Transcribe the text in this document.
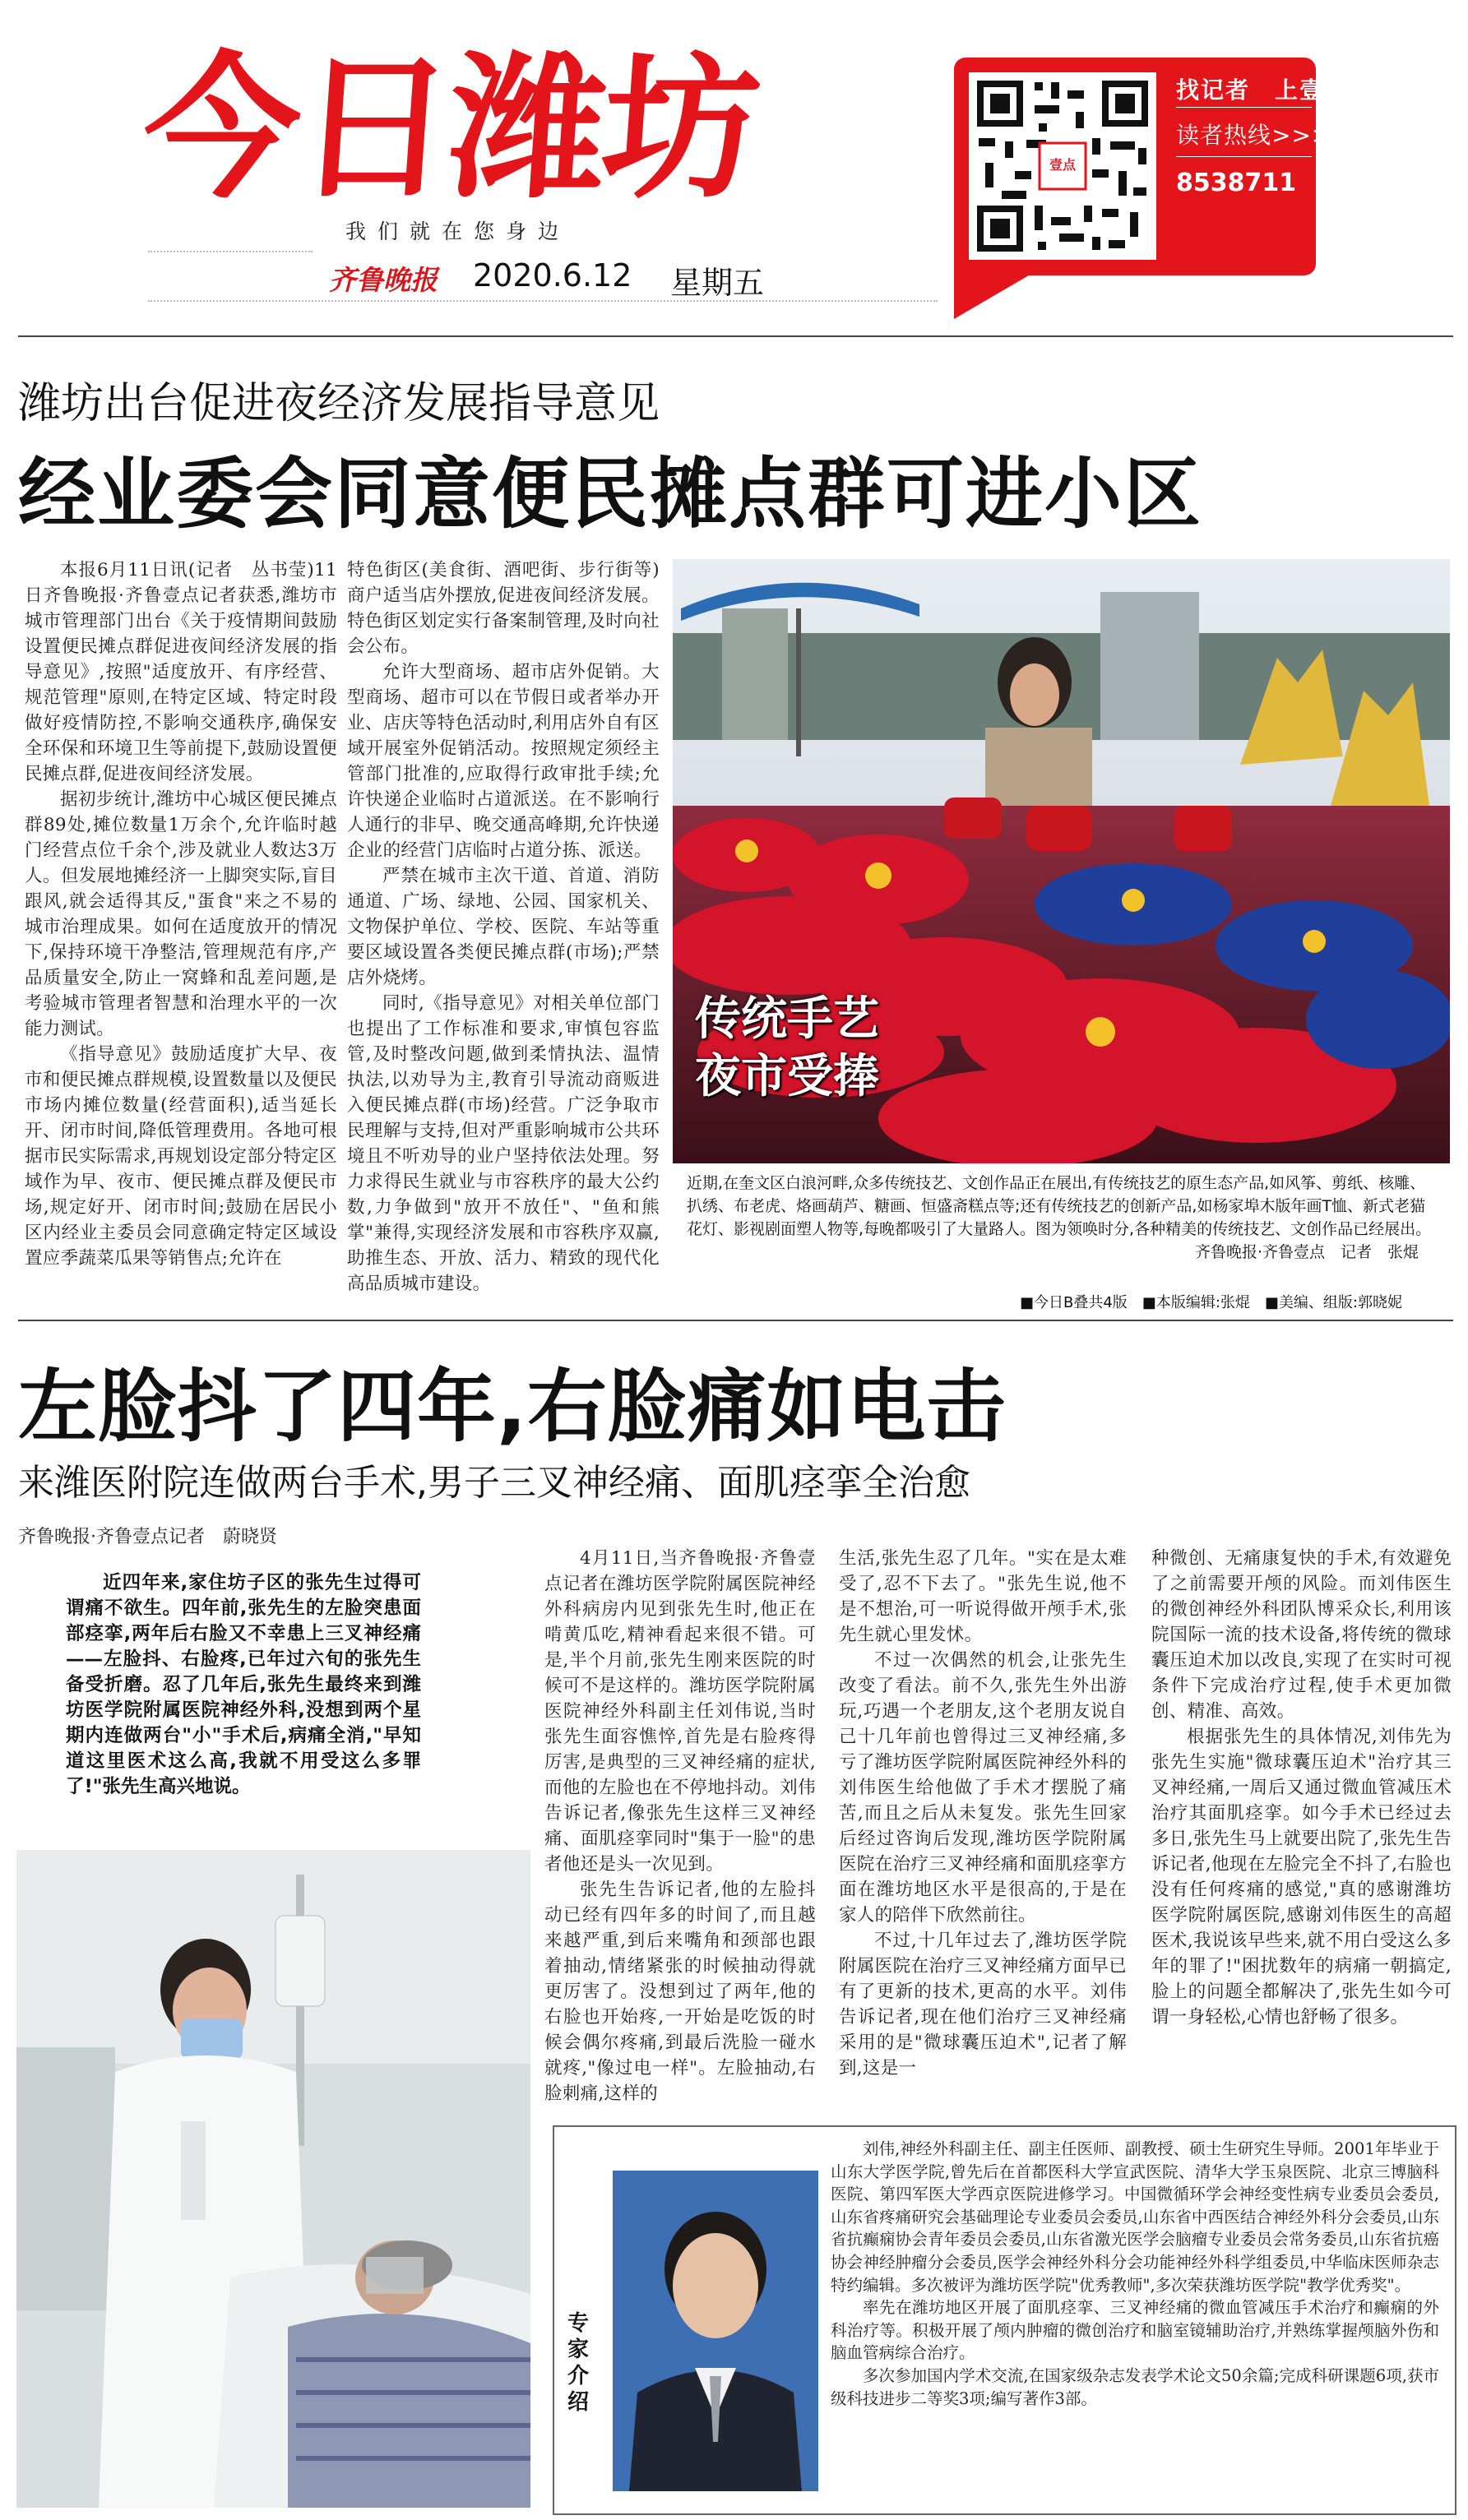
今日潍坊
我们就在您身边
齐鲁晚报 2020.6.12 星期五
壹点
找记者　上壹点
读者热线>>>
8538711
潍坊出台促进夜经济发展指导意见
经业委会同意便民摊点群可进小区

本报6月11日讯(记者　丛书莹)11日齐鲁晚报·齐鲁壹点记者获悉,潍坊市城市管理部门出台《关于疫情期间鼓励设置便民摊点群促进夜间经济发展的指导意见》,按照"适度放开、有序经营、规范管理"原则,在特定区域、特定时段做好疫情防控,不影响交通秩序,确保安全环保和环境卫生等前提下,鼓励设置便民摊点群,促进夜间经济发展。

据初步统计,潍坊中心城区便民摊点群89处,摊位数量1万余个,允许临时越门经营点位千余个,涉及就业人数达3万人。但发展地摊经济一上脚突实际,盲目跟风,就会适得其反,"蛋食"来之不易的城市治理成果。如何在适度放开的情况下,保持环境干净整洁,管理规范有序,产品质量安全,防止一窝蜂和乱差问题,是考验城市管理者智慧和治理水平的一次能力测试。

《指导意见》鼓励适度扩大早、夜市和便民摊点群规模,设置数量以及便民市场内摊位数量(经营面积),适当延长开、闭市时间,降低管理费用。各地可根据市民实际需求,再规划设定部分特定区域作为早、夜市、便民摊点群及便民市场,规定好开、闭市时间;鼓励在居民小区内经业主委员会同意确定特定区域设置应季蔬菜瓜果等销售点;允许在

特色街区(美食街、酒吧街、步行街等)商户适当店外摆放,促进夜间经济发展。特色街区划定实行备案制管理,及时向社会公布。

允许大型商场、超市店外促销。大型商场、超市可以在节假日或者举办开业、店庆等特色活动时,利用店外自有区域开展室外促销活动。按照规定须经主管部门批准的,应取得行政审批手续;允许快递企业临时占道派送。在不影响行人通行的非早、晚交通高峰期,允许快递企业的经营门店临时占道分拣、派送。

严禁在城市主次干道、首道、消防通道、广场、绿地、公园、国家机关、文物保护单位、学校、医院、车站等重要区域设置各类便民摊点群(市场);严禁店外烧烤。

同时,《指导意见》对相关单位部门也提出了工作标准和要求,审慎包容监管,及时整改问题,做到柔情执法、温情执法,以劝导为主,教育引导流动商贩进入便民摊点群(市场)经营。广泛争取市民理解与支持,但对严重影响城市公共环境且不听劝导的业户坚持依法处理。努力求得民生就业与市容秩序的最大公约数,力争做到"放开不放任"、"鱼和熊掌"兼得,实现经济发展和市容秩序双赢,助推生态、开放、活力、精致的现代化高品质城市建设。

传统手艺
夜市受捧
近期,在奎文区白浪河畔,众多传统技艺、文创作品正在展出,有传统技艺的原生态产品,如风筝、剪纸、核雕、扒绣、布老虎、烙画葫芦、糖画、恒盛斋糕点等;还有传统技艺的创新产品,如杨家埠木版年画T恤、新式老猫花灯、影视剧面塑人物等,每晚都吸引了大量路人。图为领唤时分,各种精美的传统技艺、文创作品已经展出。
齐鲁晚报·齐鲁壹点　记者　张焜
■今日B叠共4版　■本版编辑:张焜　■美编、组版:郭晓妮
左脸抖了四年,右脸痛如电击
来潍医附院连做两台手术,男子三叉神经痛、面肌痉挛全治愈
齐鲁晚报·齐鲁壹点记者　蔚晓贤

近四年来,家住坊子区的张先生过得可谓痛不欲生。四年前,张先生的左脸突患面部痉挛,两年后右脸又不幸患上三叉神经痛——左脸抖、右脸疼,已年过六旬的张先生备受折磨。忍了几年后,张先生最终来到潍坊医学院附属医院神经外科,没想到两个星期内连做两台"小"手术后,病痛全消,"早知道这里医术这么高,我就不用受这么多罪了!"张先生高兴地说。

4月11日,当齐鲁晚报·齐鲁壹点记者在潍坊医学院附属医院神经外科病房内见到张先生时,他正在啃黄瓜吃,精神看起来很不错。可是,半个月前,张先生刚来医院的时候可不是这样的。潍坊医学院附属医院神经外科副主任刘伟说,当时张先生面容憔悴,首先是右脸疼得厉害,是典型的三叉神经痛的症状,而他的左脸也在不停地抖动。刘伟告诉记者,像张先生这样三叉神经痛、面肌痉挛同时"集于一脸"的患者他还是头一次见到。

张先生告诉记者,他的左脸抖动已经有四年多的时间了,而且越来越严重,到后来嘴角和颈部也跟着抽动,情绪紧张的时候抽动得就更厉害了。没想到过了两年,他的右脸也开始疼,一开始是吃饭的时候会偶尔疼痛,到最后洗脸一碰水就疼,"像过电一样"。左脸抽动,右脸刺痛,这样的

生活,张先生忍了几年。"实在是太难受了,忍不下去了。"张先生说,他不是不想治,可一听说得做开颅手术,张先生就心里发怵。

不过一次偶然的机会,让张先生改变了看法。前不久,张先生外出游玩,巧遇一个老朋友,这个老朋友说自己十几年前也曾得过三叉神经痛,多亏了潍坊医学院附属医院神经外科的刘伟医生给他做了手术才摆脱了痛苦,而且之后从未复发。张先生回家后经过咨询后发现,潍坊医学院附属医院在治疗三叉神经痛和面肌痉挛方面在潍坊地区水平是很高的,于是在家人的陪伴下欣然前往。

不过,十几年过去了,潍坊医学院附属医院在治疗三叉神经痛方面早已有了更新的技术,更高的水平。刘伟告诉记者,现在他们治疗三叉神经痛采用的是"微球囊压迫术",记者了解到,这是一

种微创、无痛康复快的手术,有效避免了之前需要开颅的风险。而刘伟医生的微创神经外科团队博采众长,利用该院国际一流的技术设备,将传统的微球囊压迫术加以改良,实现了在实时可视条件下完成治疗过程,使手术更加微创、精准、高效。

根据张先生的具体情况,刘伟先为张先生实施"微球囊压迫术"治疗其三叉神经痛,一周后又通过微血管减压术治疗其面肌痉挛。如今手术已经过去多日,张先生马上就要出院了,张先生告诉记者,他现在左脸完全不抖了,右脸也没有任何疼痛的感觉,"真的感谢潍坊医学院附属医院,感谢刘伟医生的高超医术,我说该早些来,就不用白受这么多年的罪了!"困扰数年的病痛一朝搞定,脸上的问题全都解决了,张先生如今可谓一身轻松,心情也舒畅了很多。

专家介绍

刘伟,神经外科副主任、副主任医师、副教授、硕士生研究生导师。2001年毕业于山东大学医学院,曾先后在首都医科大学宣武医院、清华大学玉泉医院、北京三博脑科医院、第四军医大学西京医院进修学习。中国微循环学会神经变性病专业委员会委员,山东省疼痛研究会基础理论专业委员会委员,山东省中西医结合神经外科分会委员,山东省抗癫痫协会青年委员会委员,山东省激光医学会脑瘤专业委员会常务委员,山东省抗癌协会神经肿瘤分会委员,医学会神经外科分会功能神经外科学组委员,中华临床医师杂志特约编辑。多次被评为潍坊医学院"优秀教师",多次荣获潍坊医学院"教学优秀奖"。

率先在潍坊地区开展了面肌痉挛、三叉神经痛的微血管减压手术治疗和癫痫的外科治疗等。积极开展了颅内肿瘤的微创治疗和脑室镜辅助治疗,并熟练掌握颅脑外伤和脑血管病综合治疗。

多次参加国内学术交流,在国家级杂志发表学术论文50余篇;完成科研课题6项,获市级科技进步二等奖3项;编写著作3部。
